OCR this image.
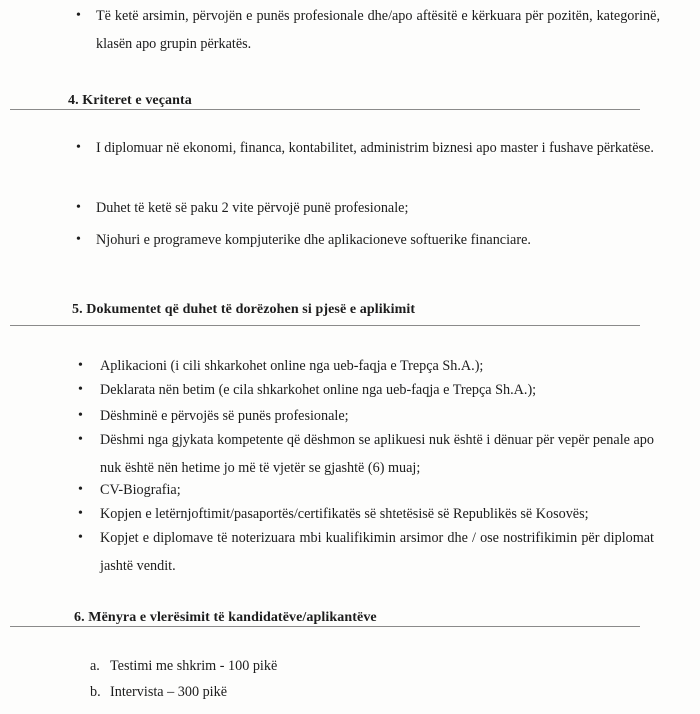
• Të ketë arsimin, përvojën e punës profesionale dhe/apo aftësitë e kërkuara për pozitën, kategorinë, klasën apo grupin përkatës.
4. Kriteret e veçanta
• I diplomuar në ekonomi, financa, kontabilitet, administrim biznesi apo master i fushave përkatëse.
• Duhet të ketë së paku 2 vite përvojë punë profesionale;
• Njohuri e programeve kompjuterike dhe aplikacioneve softuerike financiare.
5. Dokumentet që duhet të dorëzohen si pjesë e aplikimit
• Aplikacioni (i cili shkarkohet online nga ueb-faqja e Trepça Sh.A.);
• Deklarata nën betim (e cila shkarkohet online nga ueb-faqja e Trepça Sh.A.);
• Dëshminë e përvojës së punës profesionale;
• Dëshmi nga gjykata kompetente që dëshmon se aplikuesi nuk është i dënuar për vepër penale apo nuk është nën hetime jo më të vjetër se gjashtë (6) muaj;
• CV-Biografia;
• Kopjen e letërnjoftimit/pasaportës/certifikatës së shtetësisë së Republikës së Kosovës;
• Kopjet e diplomave të noterizuara mbi kualifikimin arsimor dhe / ose nostrifikimin për diplomat jashtë vendit.
6. Mënyra e vlerësimit të kandidatëve/aplikantëve
a. Testimi me shkrim - 100 pikë
b. Intervista – 300 pikë
